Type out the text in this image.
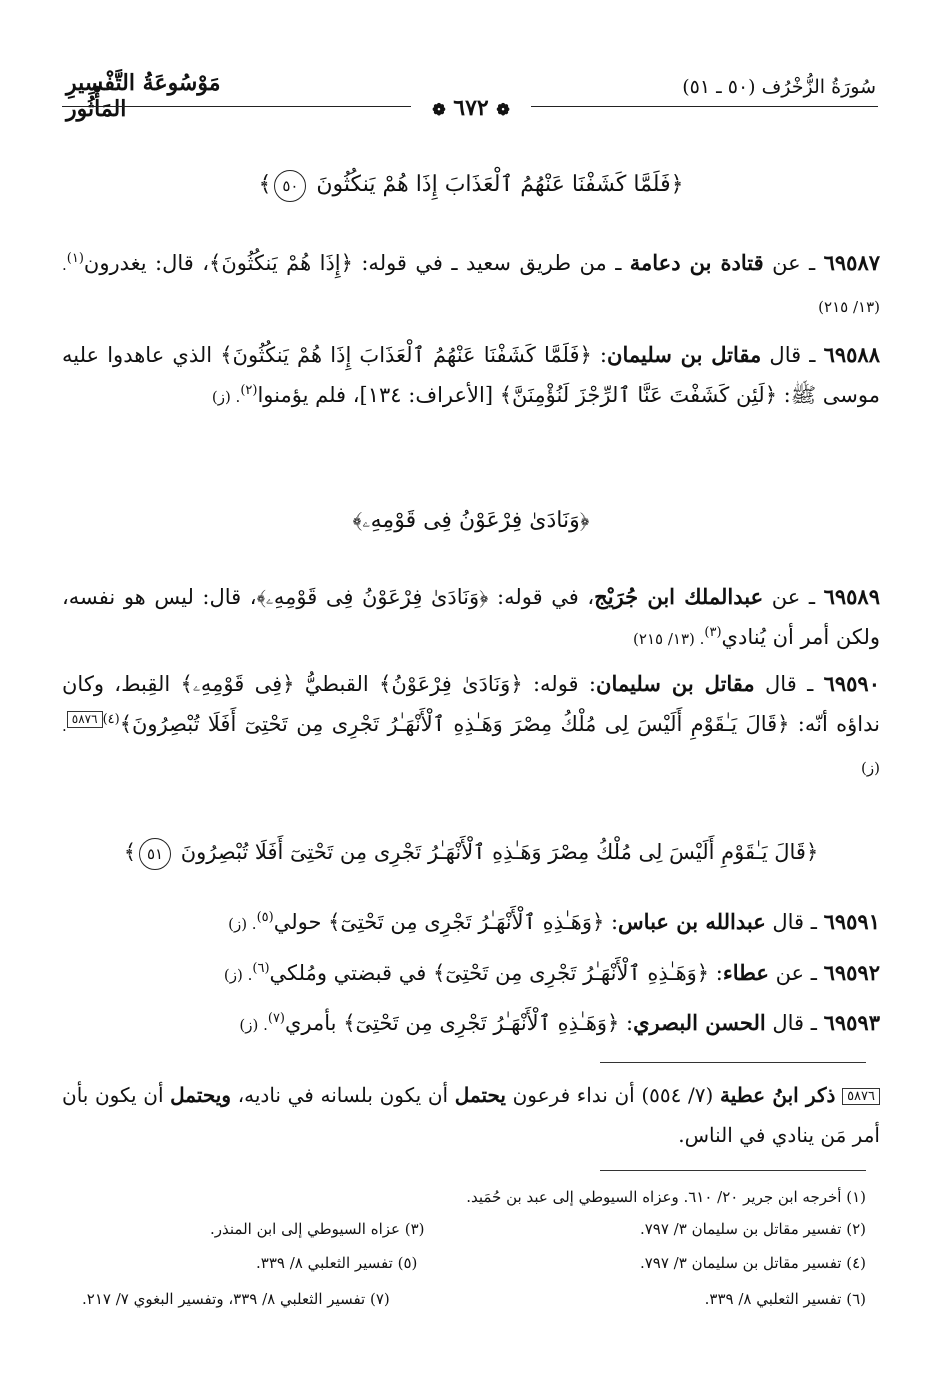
مَوْسُوعَةُ التَّفْسِيرِ المَأْثُور
سُورَةُ الزُّخْرُف (٥٠ ـ ٥١)
❁ ٦٧٢ ❁
﴿فَلَمَّا كَشَفْنَا عَنْهُمُ ٱلْعَذَابَ إِذَا هُمْ يَنكُثُونَ ٥٠﴾
٦٩٥٨٧ ـ عن قتادة بن دعامة ـ من طريق سعيد ـ في قوله: ﴿إِذَا هُمْ يَنكُثُونَ﴾، قال: يغدرون$^{(١)}$. (١٣/ ٢١٥)
٦٩٥٨٨ ـ قال مقاتل بن سليمان: ﴿فَلَمَّا كَشَفْنَا عَنْهُمُ ٱلْعَذَابَ إِذَا هُمْ يَنكُثُونَ﴾ الذي عاهدوا عليه موسى ﷺ: ﴿لَئِن كَشَفْتَ عَنَّا ٱلرِّجْزَ لَنُؤْمِنَنَّ﴾ [الأعراف: ١٣٤]، فلم يؤمنوا$^{(٢)}$. (ز)
﴿وَنَادَىٰ فِرْعَوْنُ فِى قَوْمِهِۦ﴾
٦٩٥٨٩ ـ عن عبدالملك ابن جُرَيْج، في قوله: ﴿وَنَادَىٰ فِرْعَوْنُ فِى قَوْمِهِۦ﴾، قال: ليس هو نفسه، ولكن أمر أن يُنادي$^{(٣)}$. (١٣/ ٢١٥)
٦٩٥٩٠ ـ قال مقاتل بن سليمان: قوله: ﴿وَنَادَىٰ فِرْعَوْنُ﴾ القبطيُّ ﴿فِى قَوْمِهِۦ﴾ القِبط، وكان نداؤه أنّه: ﴿قَالَ يَـٰقَوْمِ أَلَيْسَ لِى مُلْكُ مِصْرَ وَهَـٰذِهِ ٱلْأَنْهَـٰرُ تَجْرِى مِن تَحْتِىٓ أَفَلَا تُبْصِرُونَ﴾$^{(٤)}$٥٨٧٦. (ز)
﴿قَالَ يَـٰقَوْمِ أَلَيْسَ لِى مُلْكُ مِصْرَ وَهَـٰذِهِ ٱلْأَنْهَـٰرُ تَجْرِى مِن تَحْتِىٓ أَفَلَا تُبْصِرُونَ ٥١﴾
٦٩٥٩١ ـ قال عبدالله بن عباس: ﴿وَهَـٰذِهِ ٱلْأَنْهَـٰرُ تَجْرِى مِن تَحْتِىٓ﴾ حولي$^{(٥)}$. (ز)
٦٩٥٩٢ ـ عن عطاء: ﴿وَهَـٰذِهِ ٱلْأَنْهَـٰرُ تَجْرِى مِن تَحْتِىٓ﴾ في قبضتي ومُلكي$^{(٦)}$. (ز)
٦٩٥٩٣ ـ قال الحسن البصري: ﴿وَهَـٰذِهِ ٱلْأَنْهَـٰرُ تَجْرِى مِن تَحْتِىٓ﴾ بأمري$^{(٧)}$. (ز)
٥٨٧٦ ذكر ابنُ عطية (٧/ ٥٥٤) أن نداء فرعون يحتمل أن يكون بلسانه في ناديه، ويحتمل أن يكون بأن أمر مَن ينادي في الناس.
(١) أخرجه ابن جرير ٢٠/ ٦١٠. وعزاه السيوطي إلى عبد بن حُمَيد.
(٢) تفسير مقاتل بن سليمان ٣/ ٧٩٧.
(٣) عزاه السيوطي إلى ابن المنذر.
(٤) تفسير مقاتل بن سليمان ٣/ ٧٩٧.
(٥) تفسير الثعلبي ٨/ ٣٣٩.
(٦) تفسير الثعلبي ٨/ ٣٣٩.
(٧) تفسير الثعلبي ٨/ ٣٣٩، وتفسير البغوي ٧/ ٢١٧.
